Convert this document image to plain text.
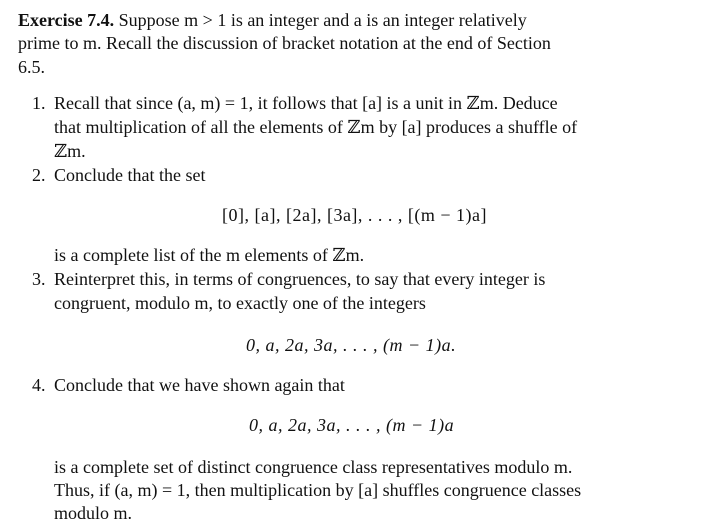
Exercise 7.4. Suppose m > 1 is an integer and a is an integer relatively
prime to m. Recall the discussion of bracket notation at the end of Section
6.5.
1. Recall that since (a, m) = 1, it follows that [a] is a unit in ℤm. Deduce
that multiplication of all the elements of ℤm by [a] produces a shuffle of
ℤm.
2. Conclude that the set
[0], [a], [2a], [3a], . . . , [(m − 1)a]
is a complete list of the m elements of ℤm.
3. Reinterpret this, in terms of congruences, to say that every integer is
congruent, modulo m, to exactly one of the integers
0, a, 2a, 3a, . . . , (m − 1)a.
4. Conclude that we have shown again that
0, a, 2a, 3a, . . . , (m − 1)a
is a complete set of distinct congruence class representatives modulo m.
Thus, if (a, m) = 1, then multiplication by [a] shuffles congruence classes
modulo m.
